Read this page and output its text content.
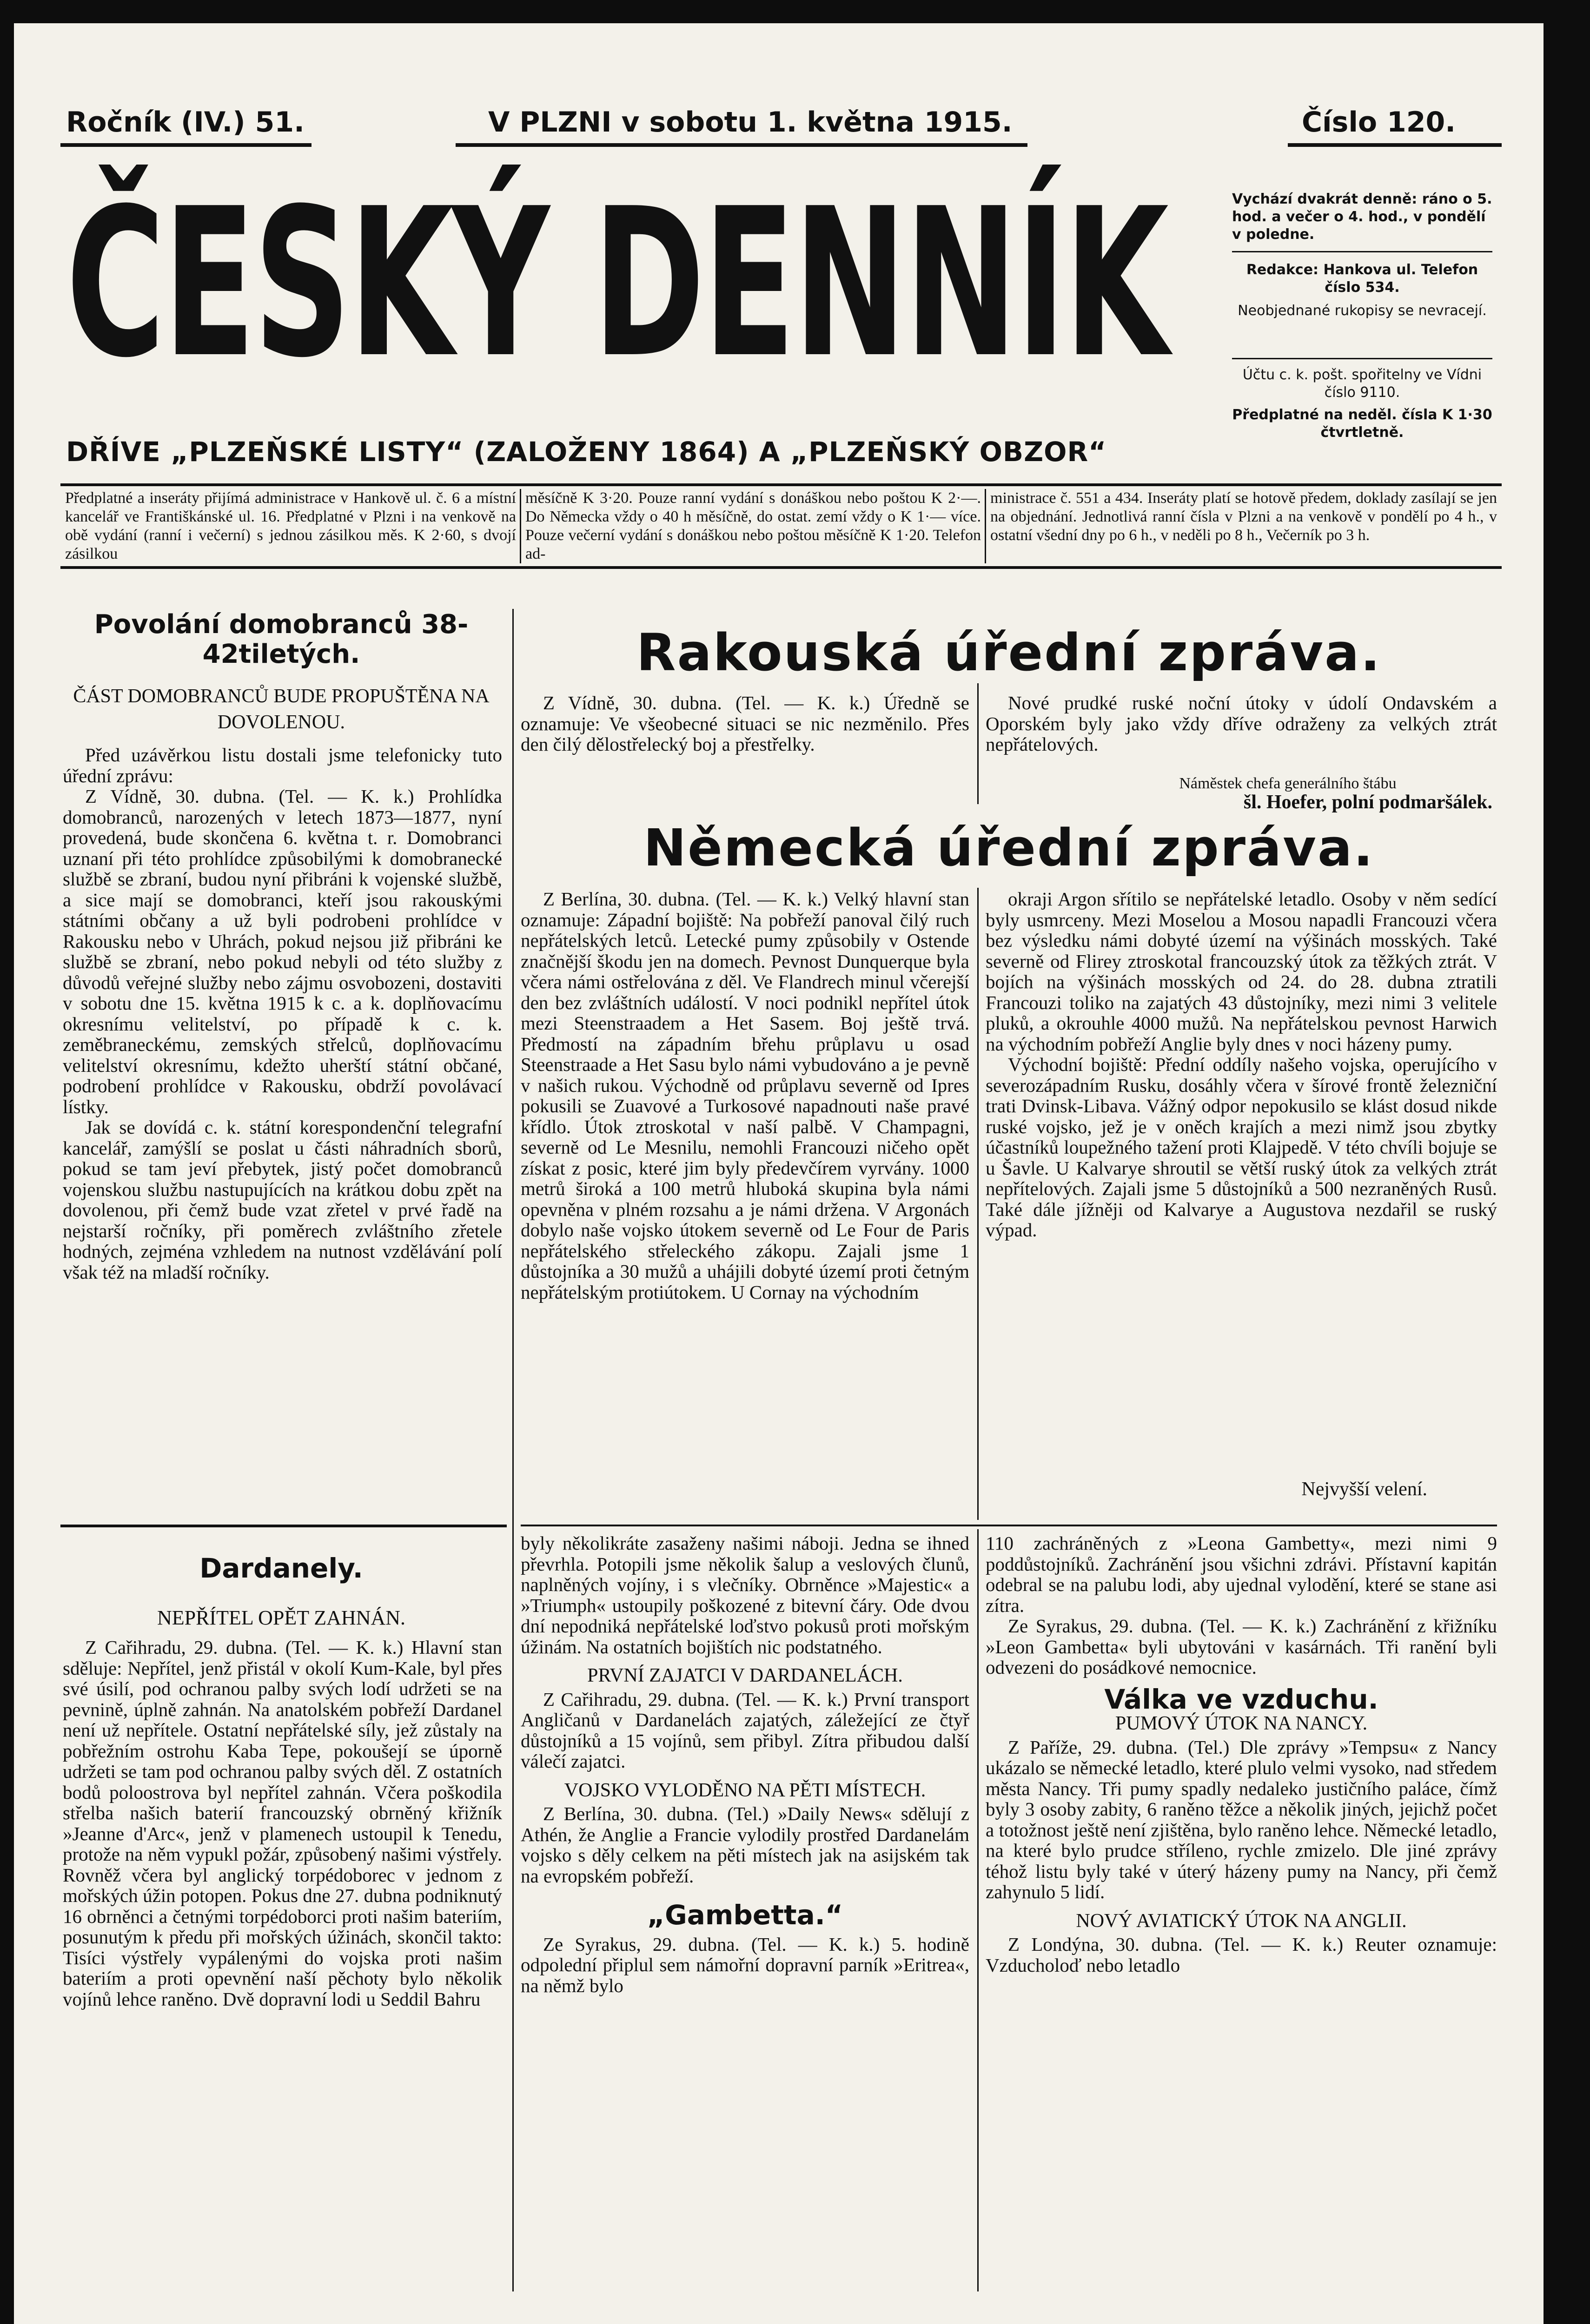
Ročník (IV.) 51.	V PLZNI v sobotu 1. května 1915.	Číslo 120.
ČESKÝ DENNÍK
DŘÍVE „PLZEŇSKÉ LISTY“ (ZALOŽENY 1864) A „PLZEŇSKÝ OBZOR“
Vychází dvakrát denně: ráno o 5. hod. a večer o 4. hod., v pondělí v poledne.
Redakce: Hankova ul. Telefon číslo 534.
Neobjednané rukopisy se nevracejí.
Účtu c. k. pošt. spořitelny ve Vídni číslo 9110.
Předplatné na neděl. čísla K 1·30 čtvrtletně.
Předplatné a inseráty přijímá administrace v Hankově ul. č. 6 a místní kancelář ve Františkánské ul. 16. Předplatné v Plzni i na venkově na obě vydání (ranní i večerní) s jednou zásilkou měs. K 2·60, s dvojí zásilkou
měsíčně K 3·20. Pouze ranní vydání s donáškou nebo poštou K 2·—. Do Německa vždy o 40 h měsíčně, do ostat. zemí vždy o K 1·— více. Pouze večerní vydání s donáškou nebo poštou měsíčně K 1·20. Telefon ad-
ministrace č. 551 a 434. Inseráty platí se hotově předem, doklady zasílají se jen na objednání. Jednotlivá ranní čísla v Plzni a na venkově v pondělí po 4 h., v ostatní všední dny po 6 h., v neděli po 8 h., Večerník po 3 h.
Povolání domobranců 38-42tiletých.
ČÁST DOMOBRANCŮ BUDE PROPUŠTĚNA NA DOVOLENOU.

Před uzávěrkou listu dostali jsme telefonicky tuto úřední zprávu:

Z Vídně, 30. dubna. (Tel. — K. k.) Prohlídka domobranců, narozených v letech 1873—1877, nyní provedená, bude skončena 6. května t. r. Domobranci uznaní při této prohlídce způsobilými k domobranecké službě se zbraní, budou nyní přibráni k vojenské službě, a sice mají se domobranci, kteří jsou rakouskými státními občany a už byli podrobeni prohlídce v Rakousku nebo v Uhrách, pokud nejsou již přibráni ke službě se zbraní, nebo pokud nebyli od této služby z důvodů veřejné služby nebo zájmu osvobozeni, dostaviti v sobotu dne 15. května 1915 k c. a k. doplňovacímu okresnímu velitelství, po případě k c. k. zeměbraneckému, zemských střelců, doplňovacímu velitelství okresnímu, kdežto uherští státní občané, podrobení prohlídce v Rakousku, obdrží povolávací lístky.

Jak se dovídá c. k. státní korespondenční telegrafní kancelář, zamýšlí se poslat u části náhradních sborů, pokud se tam jeví přebytek, jistý počet domobranců vojenskou službu nastupujících na krátkou dobu zpět na dovolenou, při čemž bude vzat zřetel v prvé řadě na nejstarší ročníky, při poměrech zvláštního zřetele hodných, zejména vzhledem na nutnost vzdělávání polí však též na mladší ročníky.

Dardanely.
NEPŘÍTEL OPĚT ZAHNÁN.

Z Cařihradu, 29. dubna. (Tel. — K. k.) Hlavní stan sděluje: Nepřítel, jenž přistál v okolí Kum-Kale, byl přes své úsilí, pod ochranou palby svých lodí udržeti se na pevnině, úplně zahnán. Na anatolském pobřeží Dardanel není už nepřítele. Ostatní nepřátelské síly, jež zůstaly na pobřežním ostrohu Kaba Tepe, pokoušejí se úporně udržeti se tam pod ochranou palby svých děl. Z ostatních bodů poloostrova byl nepřítel zahnán. Včera poškodila střelba našich baterií francouzský obrněný křižník »Jeanne d'Arc«, jenž v plamenech ustoupil k Tenedu, protože na něm vypukl požár, způsobený našimi výstřely. Rovněž včera byl anglický torpédoborec v jednom z mořských úžin potopen. Pokus dne 27. dubna podniknutý 16 obrněnci a četnými torpédoborci proti našim bateriím, posunutým k předu při mořských úžinách, skončil takto: Tisíci výstřely vypálenými do vojska proti našim bateriím a proti opevnění naší pěchoty bylo několik vojínů lehce raněno. Dvě dopravní lodi u Seddil Bahru

Rakouská úřední zpráva.

Z Vídně, 30. dubna. (Tel. — K. k.) Úředně se oznamuje: Ve všeobecné situaci se nic nezměnilo. Přes den čilý dělostřelecký boj a přestřelky.

Nové prudké ruské noční útoky v údolí Ondavském a Oporském byly jako vždy dříve odraženy za velkých ztrát nepřátelových.

Náměstek chefa generálního štábu
šl. Hoefer, polní podmaršálek.
Německá úřední zpráva.

Z Berlína, 30. dubna. (Tel. — K. k.) Velký hlavní stan oznamuje: Západní bojiště: Na pobřeží panoval čilý ruch nepřátelských letců. Letecké pumy způsobily v Ostende značnější škodu jen na domech. Pevnost Dunquerque byla včera námi ostřelována z děl. Ve Flandrech minul včerejší den bez zvláštních událostí. V noci podnikl nepřítel útok mezi Steenstraadem a Het Sasem. Boj ještě trvá. Předmostí na západním břehu průplavu u osad Steenstraade a Het Sasu bylo námi vybudováno a je pevně v našich rukou. Východně od průplavu severně od Ipres pokusili se Zuavové a Turkosové napadnouti naše pravé křídlo. Útok ztroskotal v naší palbě. V Champagni, severně od Le Mesnilu, nemohli Francouzi ničeho opět získat z posic, které jim byly předevčírem vyrvány. 1000 metrů široká a 100 metrů hluboká skupina byla námi opevněna v plném rozsahu a je námi držena. V Argonách dobylo naše vojsko útokem severně od Le Four de Paris nepřátelského střeleckého zákopu. Zajali jsme 1 důstojníka a 30 mužů a uhájili dobyté území proti četným nepřátelským protiútokem. U Cornay na východním

okraji Argon sřítilo se nepřátelské letadlo. Osoby v něm sedící byly usmrceny. Mezi Moselou a Mosou napadli Francouzi včera bez výsledku námi dobyté území na výšinách mosských. Také severně od Flirey ztroskotal francouzský útok za těžkých ztrát. V bojích na výšinách mosských od 24. do 28. dubna ztratili Francouzi toliko na zajatých 43 důstojníky, mezi nimi 3 velitele pluků, a okrouhle 4000 mužů. Na nepřátelskou pevnost Harwich na východním pobřeží Anglie byly dnes v noci házeny pumy.

Východní bojiště: Přední oddíly našeho vojska, operujícího v severozápadním Rusku, dosáhly včera v šírové frontě železniční trati Dvinsk-Libava. Vážný odpor nepokusilo se klást dosud nikde ruské vojsko, jež je v oněch krajích a mezi nimž jsou zbytky účastníků loupežného tažení proti Klajpedě. V této chvíli bojuje se u Šavle. U Kalvarye shroutil se větší ruský útok za velkých ztrát nepřítelových. Zajali jsme 5 důstojníků a 500 nezraněných Rusů. Také dále jížněji od Kalvarye a Augustova nezdařil se ruský výpad.

Nejvyšší velení.

byly několikráte zasaženy našimi náboji. Jedna se ihned převrhla. Potopili jsme několik šalup a veslových člunů, naplněných vojíny, i s vlečníky. Obrněnce »Majestic« a »Triumph« ustoupily poškozené z bitevní čáry. Ode dvou dní nepodniká nepřátelské loďstvo pokusů proti mořským úžinám. Na ostatních bojištích nic podstatného.

PRVNÍ ZAJATCI V DARDANELÁCH.

Z Cařihradu, 29. dubna. (Tel. — K. k.) První transport Angličanů v Dardanelách zajatých, záležející ze čtyř důstojníků a 15 vojínů, sem přibyl. Zítra přibudou další válečí zajatci.

VOJSKO VYLODĚNO NA PĚTI MÍSTECH.

Z Berlína, 30. dubna. (Tel.) »Daily News« sdělují z Athén, že Anglie a Francie vylodily prostřed Dardanelám vojsko s děly celkem na pěti místech jak na asijském tak na evropském pobřeží.

„Gambetta.“

Ze Syrakus, 29. dubna. (Tel. — K. k.) 5. hodině odpolední připlul sem námořní dopravní parník »Eritrea«, na němž bylo

110 zachráněných z »Leona Gambetty«, mezi nimi 9 poddůstojníků. Zachránění jsou všichni zdrávi. Přístavní kapitán odebral se na palubu lodi, aby ujednal vylodění, které se stane asi zítra.

Ze Syrakus, 29. dubna. (Tel. — K. k.) Zachránění z křižníku »Leon Gambetta« byli ubytováni v kasárnách. Tři ranění byli odvezeni do posádkové nemocnice.

Válka ve vzduchu.
PUMOVÝ ÚTOK NA NANCY.

Z Paříže, 29. dubna. (Tel.) Dle zprávy »Tempsu« z Nancy ukázalo se německé letadlo, které plulo velmi vysoko, nad středem města Nancy. Tři pumy spadly nedaleko justičního paláce, čímž byly 3 osoby zabity, 6 raněno těžce a několik jiných, jejichž počet a totožnost ještě není zjištěna, bylo raněno lehce. Německé letadlo, na které bylo prudce stříleno, rychle zmizelo. Dle jiné zprávy téhož listu byly také v úterý házeny pumy na Nancy, při čemž zahynulo 5 lidí.

NOVÝ AVIATICKÝ ÚTOK NA ANGLII.

Z Londýna, 30. dubna. (Tel. — K. k.) Reuter oznamuje: Vzducholoď nebo letadlo
